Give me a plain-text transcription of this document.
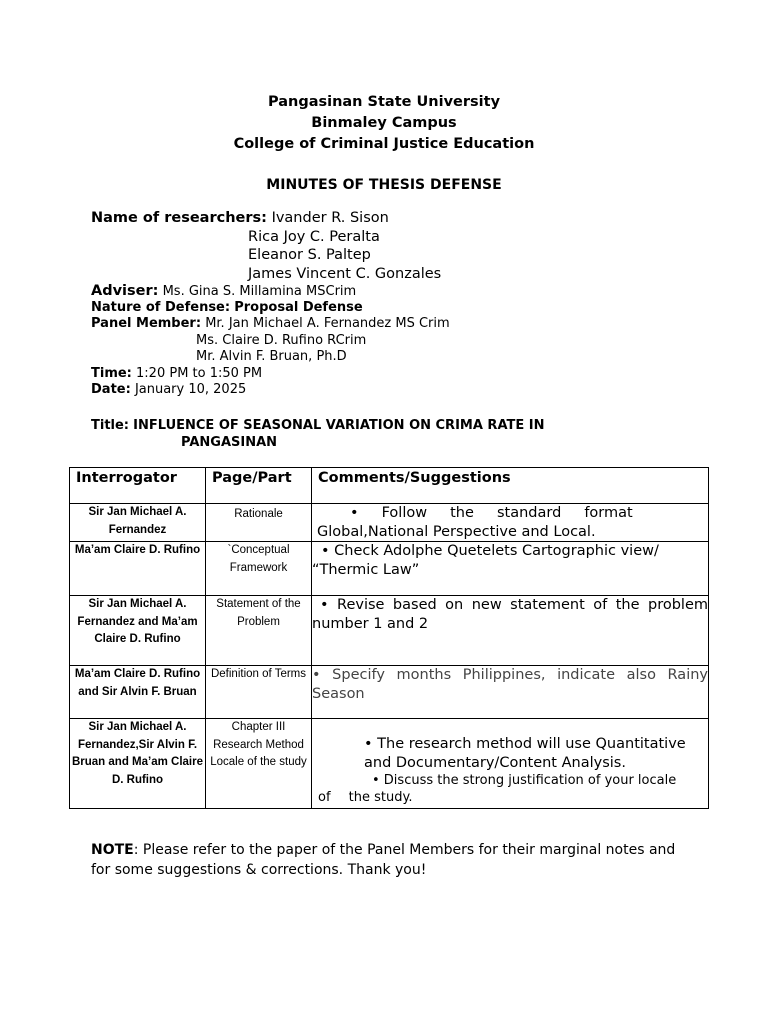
Pangasinan State University
Binmaley Campus
College of Criminal Justice Education
MINUTES OF THESIS DEFENSE
Name of researchers: Ivander R. Sison
Rica Joy C. Peralta
Eleanor S. Paltep
James Vincent C. Gonzales
Adviser: Ms. Gina S. Millamina MSCrim
Nature of Defense: Proposal Defense
Panel Member: Mr. Jan Michael A. Fernandez MS Crim
Ms. Claire D. Rufino RCrim
Mr. Alvin F. Bruan, Ph.D
Time: 1:20 PM to 1:50 PM
Date: January 10, 2025
Title: INFLUENCE OF SEASONAL VARIATION ON CRIMA RATE IN
PANGASINAN
Interrogator	Page/Part	Comments/Suggestions
Sir Jan Michael A. Fernandez	Rationale	•     Follow     the     standard     format
Global,National Perspective and Local.

Ma’am Claire D. Rufino	`Conceptual Framework	• Check Adolphe Quetelets Cartographic view/
“Thermic Law”

Sir Jan Michael A. Fernandez and Ma’am Claire D. Rufino	Statement of the Problem	• Revise based on new statement of the problem number 1 and 2

Ma’am Claire D. Rufino and Sir Alvin F. Bruan	Definition of Terms	• Specify months Philippines, indicate also Rainy Season

Sir Jan Michael A. Fernandez,Sir Alvin F. Bruan and Ma’am Claire D. Rufino	Chapter III Research Method Locale of the study	• The research method will use Quantitative
and Documentary/Content Analysis.
• Discuss the strong justification of your locale
of the study.
NOTE: Please refer to the paper of the Panel Members for their marginal notes and for some suggestions & corrections. Thank you!
